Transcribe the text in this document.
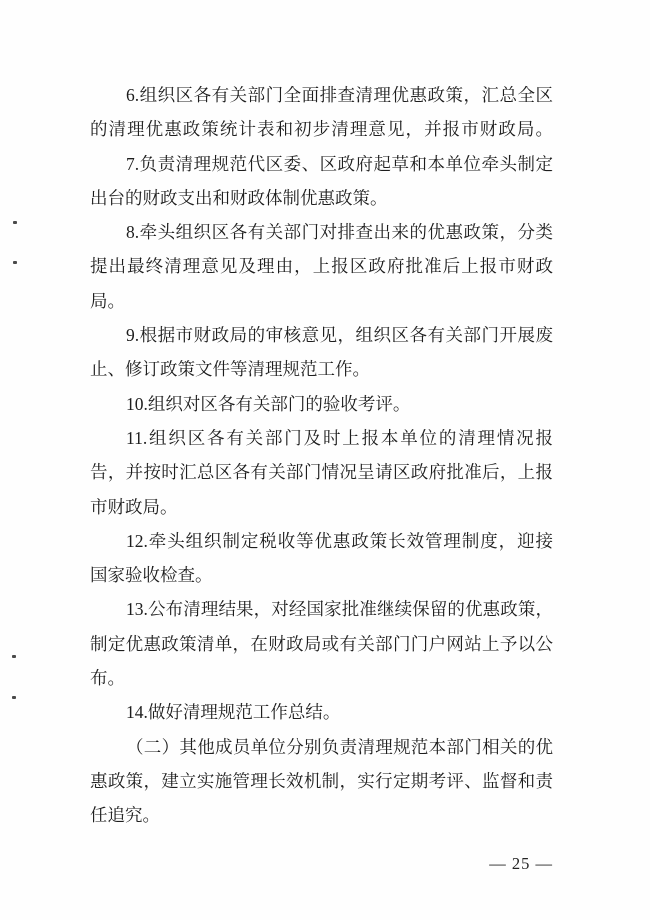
6.组织区各有关部门全面排查清理优惠政策，汇总全区
的清理优惠政策统计表和初步清理意见，并报市财政局。
7.负责清理规范代区委、区政府起草和本单位牵头制定
出台的财政支出和财政体制优惠政策。
8.牵头组织区各有关部门对排查出来的优惠政策，分类
提出最终清理意见及理由，上报区政府批准后上报市财政
局。
9.根据市财政局的审核意见，组织区各有关部门开展废
止、修订政策文件等清理规范工作。
10.组织对区各有关部门的验收考评。
11.组织区各有关部门及时上报本单位的清理情况报
告，并按时汇总区各有关部门情况呈请区政府批准后，上报
市财政局。
12.牵头组织制定税收等优惠政策长效管理制度，迎接
国家验收检查。
13.公布清理结果，对经国家批准继续保留的优惠政策，
制定优惠政策清单，在财政局或有关部门门户网站上予以公
布。
14.做好清理规范工作总结。
（二）其他成员单位分别负责清理规范本部门相关的优
惠政策，建立实施管理长效机制，实行定期考评、监督和责
任追究。
— 25 —
